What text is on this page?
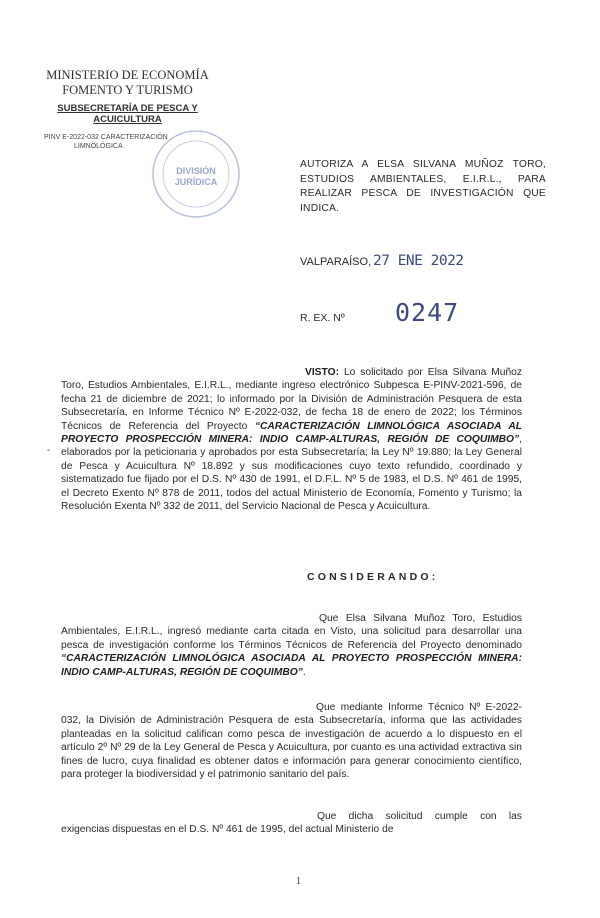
MINISTERIO DE ECONOMÍA
FOMENTO Y TURISMO
SUBSECRETARÍA DE PESCA Y
ACUICULTURA
PINV E-2022-032 CARACTERIZACIÓN
LIMNOLÓGICA
DIVISIÓN
JURÍDICA
AUTORIZA A ELSA SILVANA MUÑOZ TORO, ESTUDIOS AMBIENTALES, E.I.R.L., PARA REALIZAR PESCA DE INVESTIGACIÓN QUE INDICA.
VALPARAÍSO, 27 ENE 2022
R. EX. Nº 0247
VISTO: Lo solicitado por Elsa Silvana Muñoz Toro, Estudios Ambientales, E.I.R.L., mediante ingreso electrónico Subpesca E-PINV-2021-596, de fecha 21 de diciembre de 2021; lo informado por la División de Administración Pesquera de esta Subsecretaría, en Informe Técnico Nº E-2022-032, de fecha 18 de enero de 2022; los Términos Técnicos de Referencia del Proyecto “CARACTERIZACIÓN LIMNOLÓGICA ASOCIADA AL PROYECTO PROSPECCIÓN MINERA: INDIO CAMP-ALTURAS, REGIÓN DE COQUIMBO”, elaborados por la peticionaria y aprobados por esta Subsecretaría; la Ley Nº 19.880; la Ley General de Pesca y Acuicultura Nº 18.892 y sus modificaciones cuyo texto refundido, coordinado y sistematizado fue fijado por el D.S. Nº 430 de 1991, el D.F.L. Nº 5 de 1983, el D.S. Nº 461 de 1995, el Decreto Exento Nº 878 de 2011, todos del actual Ministerio de Economía, Fomento y Turismo; la Resolución Exenta Nº 332 de 2011, del Servicio Nacional de Pesca y Acuicultura.
-
CONSIDERANDO:
Que Elsa Silvana Muñoz Toro, Estudios Ambientales, E.I.R.L., ingresó mediante carta citada en Visto, una solicitud para desarrollar una pesca de investigación conforme los Términos Técnicos de Referencia del Proyecto denominado “CARACTERIZACIÓN LIMNOLÓGICA ASOCIADA AL PROYECTO PROSPECCIÓN MINERA: INDIO CAMP-ALTURAS, REGIÓN DE COQUIMBO”.
Que mediante Informe Técnico Nº E-2022-032, la División de Administración Pesquera de esta Subsecretaría, informa que las actividades planteadas en la solicitud califican como pesca de investigación de acuerdo a lo dispuesto en el artículo 2º Nº 29 de la Ley General de Pesca y Acuicultura, por cuanto es una actividad extractiva sin fines de lucro, cuya finalidad es obtener datos e información para generar conocimiento científico, para proteger la biodiversidad y el patrimonio sanitario del país.
Que dicha solicitud cumple con las exigencias dispuestas en el D.S. Nº 461 de 1995, del actual Ministerio de
1
